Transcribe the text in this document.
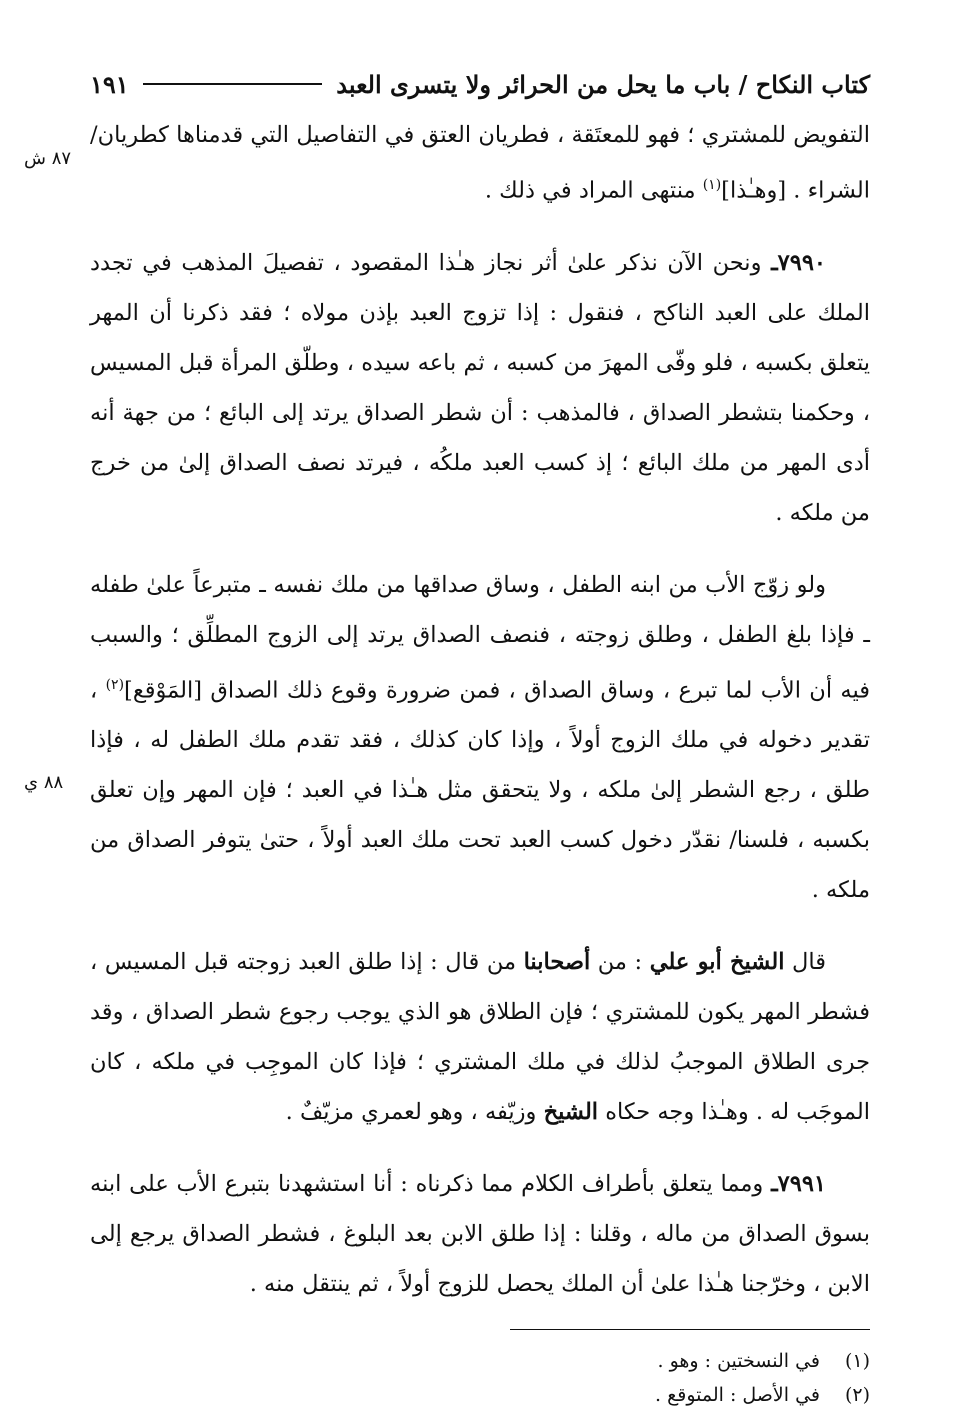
كتاب النكاح / باب ما يحل من الحرائر ولا يتسرى العبد
١٩١

التفويض للمشتري ؛ فهو للمعتَقة ، فطريان العتق في التفاصيل التي قدمناها كطريان/ الشراء . [وهـٰذا]$^{(١)}$ منتهى المراد في ذلك .

٧٩٩٠ـ ونحن الآن نذكر علىٰ أثر نجاز هـٰذا المقصود ، تفصيلَ المذهب في تجدد الملك على العبد الناكح ، فنقول : إذا تزوج العبد بإذن مولاه ؛ فقد ذكرنا أن المهر يتعلق بكسبه ، فلو وفّى المهرَ من كسبه ، ثم باعه سيده ، وطلّق المرأة قبل المسيس ، وحكمنا بتشطر الصداق ، فالمذهب : أن شطر الصداق يرتد إلى البائع ؛ من جهة أنه أدى المهر من ملك البائع ؛ إذ كسب العبد ملكُه ، فيرتد نصف الصداق إلىٰ من خرج من ملكه .

ولو زوّج الأب من ابنه الطفل ، وساق صداقها من ملك نفسه ـ متبرعاً علىٰ طفله ـ فإذا بلغ الطفل ، وطلق زوجته ، فنصف الصداق يرتد إلى الزوج المطلِّق ؛ والسبب فيه أن الأب لما تبرع ، وساق الصداق ، فمن ضرورة وقوع ذلك الصداق [المَوْقع]$^{(٢)}$ ، تقدير دخوله في ملك الزوج أولاً ، وإذا كان كذلك ، فقد تقدم ملك الطفل له ، فإذا طلق ، رجع الشطر إلىٰ ملكه ، ولا يتحقق مثل هـٰذا في العبد ؛ فإن المهر وإن تعلق بكسبه ، فلسنا/ نقدّر دخول كسب العبد تحت ملك العبد أولاً ، حتىٰ يتوفر الصداق من ملكه .

قال الشيخ أبو علي : من أصحابنا من قال : إذا طلق العبد زوجته قبل المسيس ، فشطر المهر يكون للمشتري ؛ فإن الطلاق هو الذي يوجب رجوع شطر الصداق ، وقد جرى الطلاق الموجبُ لذلك في ملك المشتري ؛ فإذا كان الموجِب في ملكه ، كان الموجَب له . وهـٰذا وجه حكاه الشيخ وزيّفه ، وهو لعمري مزيّفٌ .

٧٩٩١ـ ومما يتعلق بأطراف الكلام مما ذكرناه : أنا استشهدنا بتبرع الأب على ابنه بسوق الصداق من ماله ، وقلنا : إذا طلق الابن بعد البلوغ ، فشطر الصداق يرجع إلى الابن ، وخرّجنا هـٰذا علىٰ أن الملك يحصل للزوج أولاً ، ثم ينتقل منه .

(١)
في النسختين : وهو .
(٢)
في الأصل : المتوقع .
٨٧ ش
٨٨ ي
